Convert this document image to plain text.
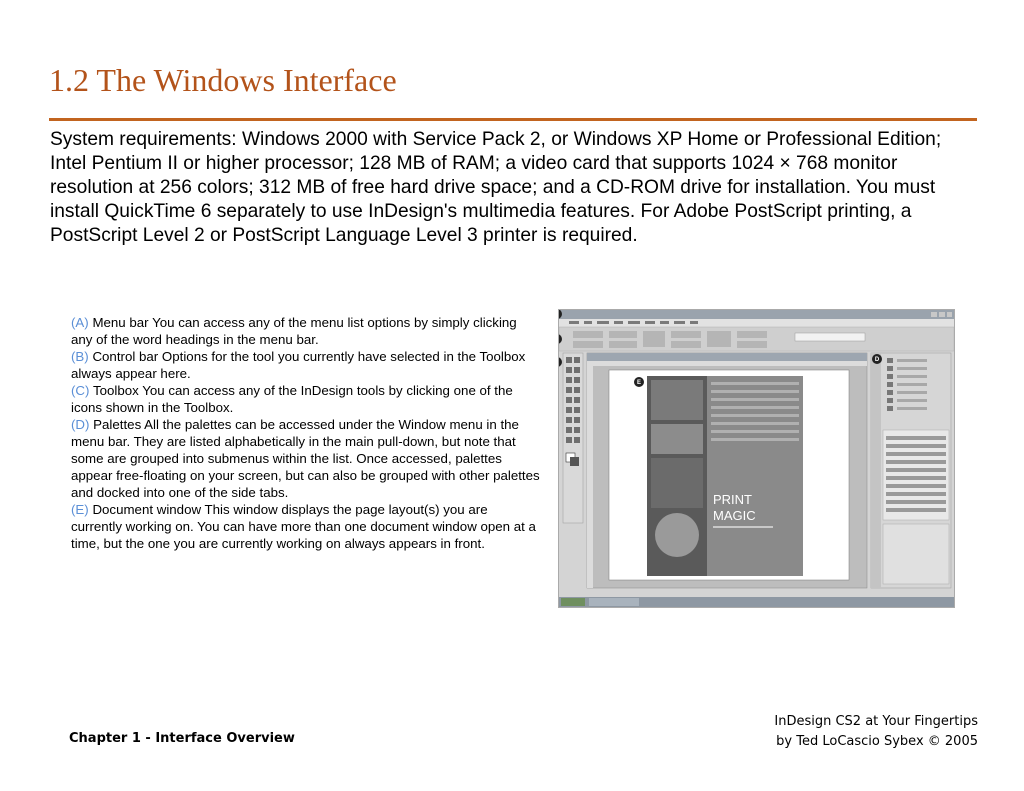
1.2 The Windows Interface

System requirements: Windows 2000 with Service Pack 2, or Windows XP Home or Professional Edition; Intel Pentium II or higher processor; 128 MB of RAM; a video card that supports 1024 × 768 monitor resolution at 256 colors; 312 MB of free hard drive space; and a CD-ROM drive for installation. You must install QuickTime 6 separately to use InDesign's multimedia features. For Adobe PostScript printing, a PostScript Level 2 or PostScript Language Level 3 printer is required.

(A) Menu bar You can access any of the menu list options by simply clicking any of the word headings in the menu bar.
(B) Control bar Options for the tool you currently have selected in the Toolbox always appear here.
(C) Toolbox You can access any of the InDesign tools by clicking one of the icons shown in the Toolbox.
(D) Palettes All the palettes can be accessed under the Window menu in the menu bar. They are listed alphabetically in the main pull-down, but note that some are grouped into submenus within the list. Once accessed, palettes appear free-floating on your screen, but can also be grouped with other palettes and docked into one of the side tabs.
(E) Document window This window displays the page layout(s) you are currently working on. You can have more than one document window open at a time, but the one you are currently working on always appears in front.
PRINT
MAGIC
D
E
Chapter 1 - Interface Overview
InDesign CS2 at Your Fingertips
by Ted LoCascio Sybex © 2005
